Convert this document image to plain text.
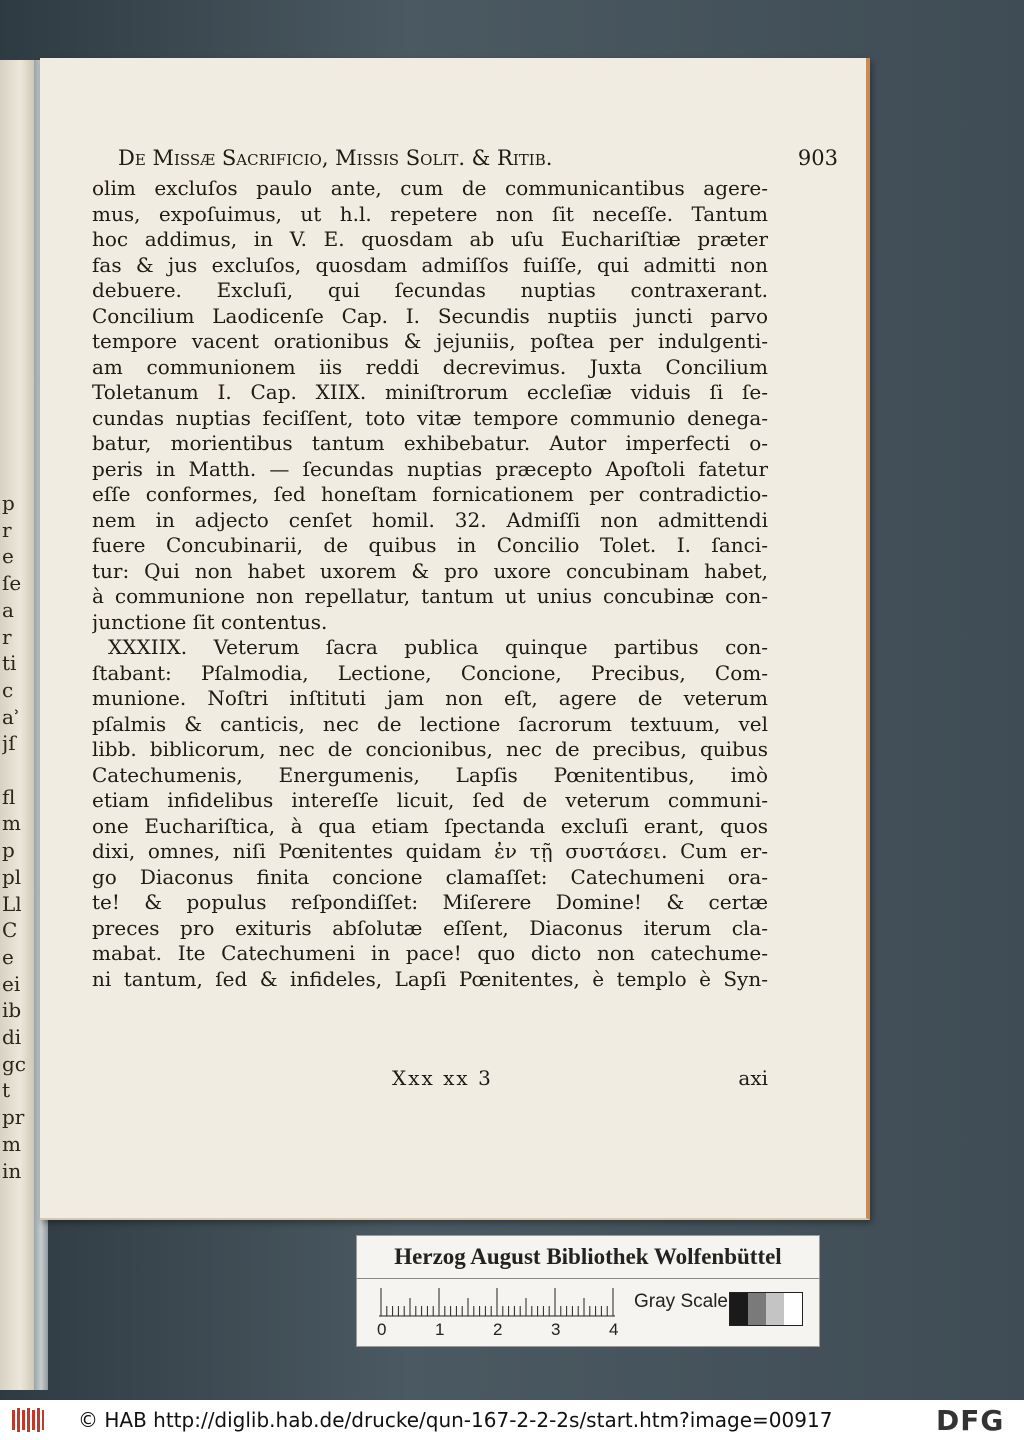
p
r
e
ſe
a
r
ti
c
ẚ
jſ

fl
m
p
pl
Ll
C
e
ei
ib
di
gc
t
pr
m
in
De Missæ Sacrificio, Missis Solit. & Ritib.	903
olim excluſos paulo ante, cum de communicantibus agere-
mus, expoſuimus, ut h.l. repetere non ſit neceſſe. Tantum
hoc addimus, in V. E. quosdam ab uſu Euchariſtiæ præter
fas & jus excluſos, quosdam admiſſos fuiſſe, qui admitti non
debuere. Excluſi, qui ſecundas nuptias contraxerant.
Concilium Laodicenſe Cap. I. Secundis nuptiis juncti parvo
tempore vacent orationibus & jejuniis, poſtea per indulgenti-
am communionem iis reddi decrevimus. Juxta Concilium
Toletanum I. Cap. XIIX. miniſtrorum eccleſiæ viduis ſi ſe-
cundas nuptias feciſſent, toto vitæ tempore communio denega-
batur, morientibus tantum exhibebatur. Autor imperfecti o-
peris in Matth. — ſecundas nuptias præcepto Apoſtoli fatetur
eſſe conformes, ſed honeſtam fornicationem per contradictio-
nem in adjecto cenſet homil. 32. Admiſſi non admittendi
fuere Concubinarii, de quibus in Concilio Tolet. I. ſanci-
tur: Qui non habet uxorem & pro uxore concubinam habet,
à communione non repellatur, tantum ut unius concubinæ con-
junctione ſit contentus.
XXXIIX. Veterum ſacra publica quinque partibus con-
ſtabant: Pſalmodia, Lectione, Concione, Precibus, Com-
munione. Noſtri inſtituti jam non eſt, agere de veterum
pſalmis & canticis, nec de lectione ſacrorum textuum, vel
libb. biblicorum, nec de concionibus, nec de precibus, quibus
Catechumenis, Energumenis, Lapſis Pœnitentibus, imò
etiam infidelibus intereſſe licuit, ſed de veterum communi-
one Euchariſtica, à qua etiam ſpectanda excluſi erant, quos
dixi, omnes, niſi Pœnitentes quidam ἐν τῇ συστάσει. Cum er-
go Diaconus finita concione clamaſſet: Catechumeni ora-
te! & populus reſpondiſſet: Miſerere Domine! & certæ
preces pro exituris abſolutæ eſſent, Diaconus iterum cla-
mabat. Ite Catechumeni in pace! quo dicto non catechume-
ni tantum, ſed & infideles, Lapſi Pœnitentes, è templo è Syn-
Xxx xx 3	axi
Herzog August Bibliothek Wolfenbüttel
0	1	2	3	4
Gray Scale
© HAB http://diglib.hab.de/drucke/qun-167-2-2-2s/start.htm?image=00917	DFG
